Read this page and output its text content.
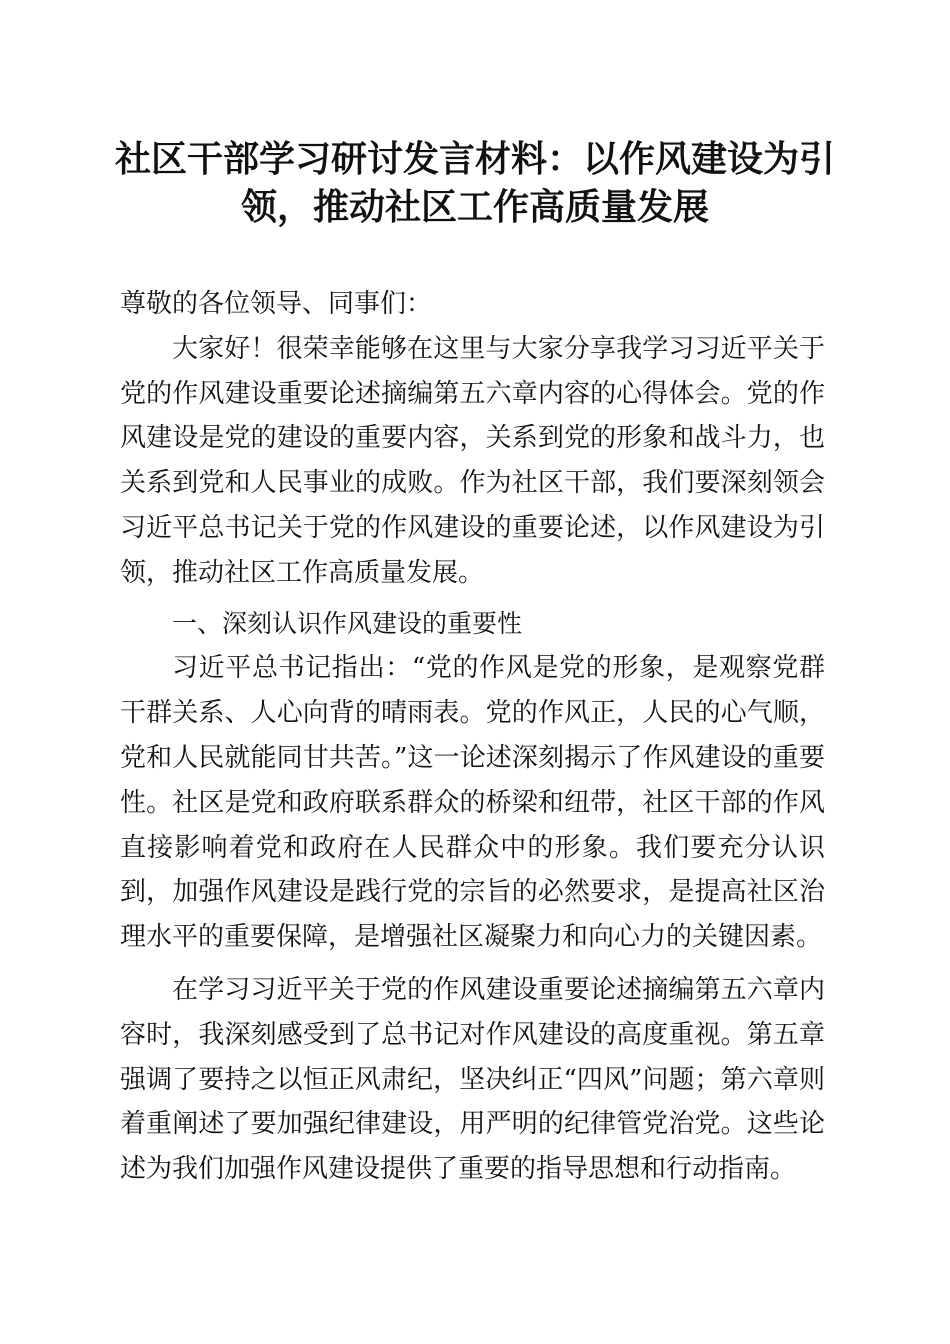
社区干部学习研讨发言材料：以作风建设为引领，推动社区工作高质量发展

尊敬的各位领导、同事们：

大家好！很荣幸能够在这里与大家分享我学习习近平关于党的作风建设重要论述摘编第五六章内容的心得体会。党的作风建设是党的建设的重要内容，关系到党的形象和战斗力，也关系到党和人民事业的成败。作为社区干部，我们要深刻领会习近平总书记关于党的作风建设的重要论述，以作风建设为引领，推动社区工作高质量发展。

一、深刻认识作风建设的重要性

习近平总书记指出：“党的作风是党的形象，是观察党群干群关系、人心向背的晴雨表。党的作风正，人民的心气顺，党和人民就能同甘共苦。”这一论述深刻揭示了作风建设的重要性。社区是党和政府联系群众的桥梁和纽带，社区干部的作风直接影响着党和政府在人民群众中的形象。我们要充分认识到，加强作风建设是践行党的宗旨的必然要求，是提高社区治理水平的重要保障，是增强社区凝聚力和向心力的关键因素。

在学习习近平关于党的作风建设重要论述摘编第五六章内容时，我深刻感受到了总书记对作风建设的高度重视。第五章强调了要持之以恒正风肃纪，坚决纠正“四风”问题；第六章则着重阐述了要加强纪律建设，用严明的纪律管党治党。这些论述为我们加强作风建设提供了重要的指导思想和行动指南。
